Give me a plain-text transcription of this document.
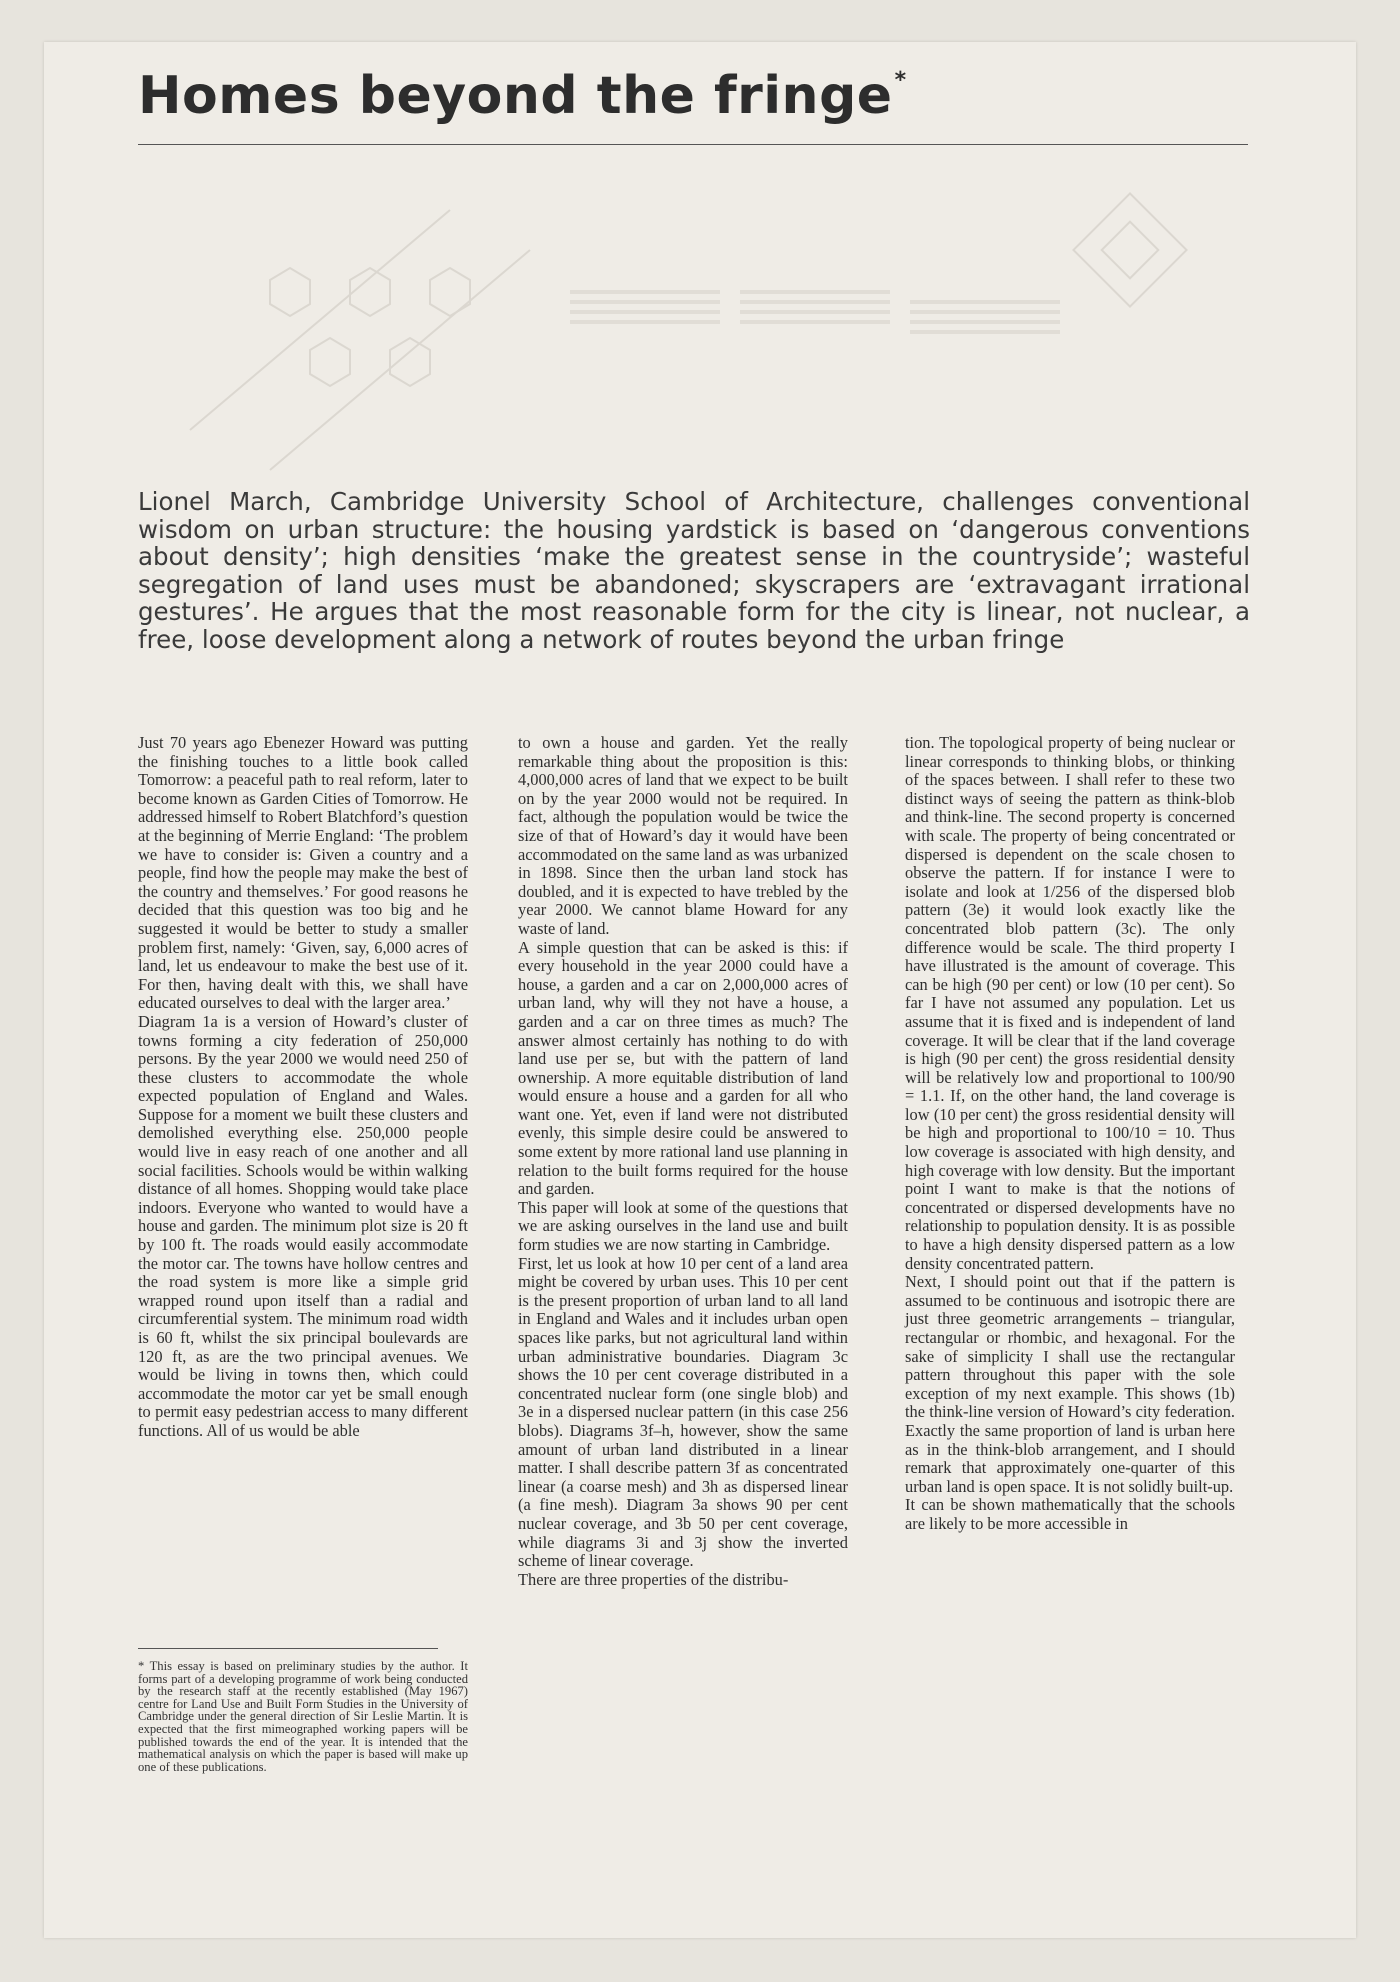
Homes beyond the fringe*

Lionel March, Cambridge University School of Architecture, challenges conventional wisdom on urban structure: the housing yardstick is based on ‘dangerous conventions about density’; high densities ‘make the greatest sense in the countryside’; wasteful segregation of land uses must be abandoned; skyscrapers are ‘extravagant irrational gestures’. He argues that the most reasonable form for the city is linear, not nuclear, a free, loose development along a network of routes beyond the urban fringe

Just 70 years ago Ebenezer Howard was putting the finishing touches to a little book called Tomorrow: a peaceful path to real reform, later to become known as Garden Cities of Tomorrow. He addressed himself to Robert Blatchford’s question at the beginning of Merrie England: ‘The problem we have to consider is: Given a country and a people, find how the people may make the best of the country and themselves.’ For good reasons he decided that this question was too big and he suggested it would be better to study a smaller problem first, namely: ‘Given, say, 6,000 acres of land, let us endeavour to make the best use of it. For then, having dealt with this, we shall have educated ourselves to deal with the larger area.’

Diagram 1a is a version of Howard’s cluster of towns forming a city federation of 250,000 persons. By the year 2000 we would need 250 of these clusters to accommodate the whole expected population of England and Wales. Suppose for a moment we built these clusters and demolished everything else. 250,000 people would live in easy reach of one another and all social facilities. Schools would be within walking distance of all homes. Shopping would take place indoors. Everyone who wanted to would have a house and garden. The minimum plot size is 20 ft by 100 ft. The roads would easily accommodate the motor car. The towns have hollow centres and the road system is more like a simple grid wrapped round upon itself than a radial and circumferential system. The minimum road width is 60 ft, whilst the six principal boulevards are 120 ft, as are the two principal avenues. We would be living in towns then, which could accommodate the motor car yet be small enough to permit easy pedestrian access to many different functions. All of us would be able

to own a house and garden. Yet the really remarkable thing about the proposition is this: 4,000,000 acres of land that we expect to be built on by the year 2000 would not be required. In fact, although the population would be twice the size of that of Howard’s day it would have been accommodated on the same land as was urbanized in 1898. Since then the urban land stock has doubled, and it is expected to have trebled by the year 2000. We cannot blame Howard for any waste of land.

A simple question that can be asked is this: if every household in the year 2000 could have a house, a garden and a car on 2,000,000 acres of urban land, why will they not have a house, a garden and a car on three times as much? The answer almost certainly has nothing to do with land use per se, but with the pattern of land ownership. A more equitable distribution of land would ensure a house and a garden for all who want one. Yet, even if land were not distributed evenly, this simple desire could be answered to some extent by more rational land use planning in relation to the built forms required for the house and garden.

This paper will look at some of the questions that we are asking ourselves in the land use and built form studies we are now starting in Cambridge.

First, let us look at how 10 per cent of a land area might be covered by urban uses. This 10 per cent is the present proportion of urban land to all land in England and Wales and it includes urban open spaces like parks, but not agricultural land within urban administrative boundaries. Diagram 3c shows the 10 per cent coverage distributed in a concentrated nuclear form (one single blob) and 3e in a dispersed nuclear pattern (in this case 256 blobs). Diagrams 3f–h, however, show the same amount of urban land distributed in a linear matter. I shall describe pattern 3f as concentrated linear (a coarse mesh) and 3h as dispersed linear (a fine mesh). Diagram 3a shows 90 per cent nuclear coverage, and 3b 50 per cent coverage, while diagrams 3i and 3j show the inverted scheme of linear coverage.

There are three properties of the distribu-

tion. The topological property of being nuclear or linear corresponds to thinking blobs, or thinking of the spaces between. I shall refer to these two distinct ways of seeing the pattern as think-blob and think-line. The second property is concerned with scale. The property of being concentrated or dispersed is dependent on the scale chosen to observe the pattern. If for instance I were to isolate and look at 1/256 of the dispersed blob pattern (3e) it would look exactly like the concentrated blob pattern (3c). The only difference would be scale. The third property I have illustrated is the amount of coverage. This can be high (90 per cent) or low (10 per cent). So far I have not assumed any population. Let us assume that it is fixed and is independent of land coverage. It will be clear that if the land coverage is high (90 per cent) the gross residential density will be relatively low and proportional to 100/90 = 1.1. If, on the other hand, the land coverage is low (10 per cent) the gross residential density will be high and proportional to 100/10 = 10. Thus low coverage is associated with high density, and high coverage with low density. But the important point I want to make is that the notions of concentrated or dispersed developments have no relationship to population density. It is as possible to have a high density dispersed pattern as a low density concentrated pattern.

Next, I should point out that if the pattern is assumed to be continuous and isotropic there are just three geometric arrangements – triangular, rectangular or rhombic, and hexagonal. For the sake of simplicity I shall use the rectangular pattern throughout this paper with the sole exception of my next example. This shows (1b) the think-line version of Howard’s city federation. Exactly the same proportion of land is urban here as in the think-blob arrangement, and I should remark that approximately one-quarter of this urban land is open space. It is not solidly built-up.

It can be shown mathematically that the schools are likely to be more accessible in

* This essay is based on preliminary studies by the author. It forms part of a developing programme of work being conducted by the research staff at the recently established (May 1967) centre for Land Use and Built Form Studies in the University of Cambridge under the general direction of Sir Leslie Martin. It is expected that the first mimeographed working papers will be published towards the end of the year. It is intended that the mathematical analysis on which the paper is based will make up one of these publications.
